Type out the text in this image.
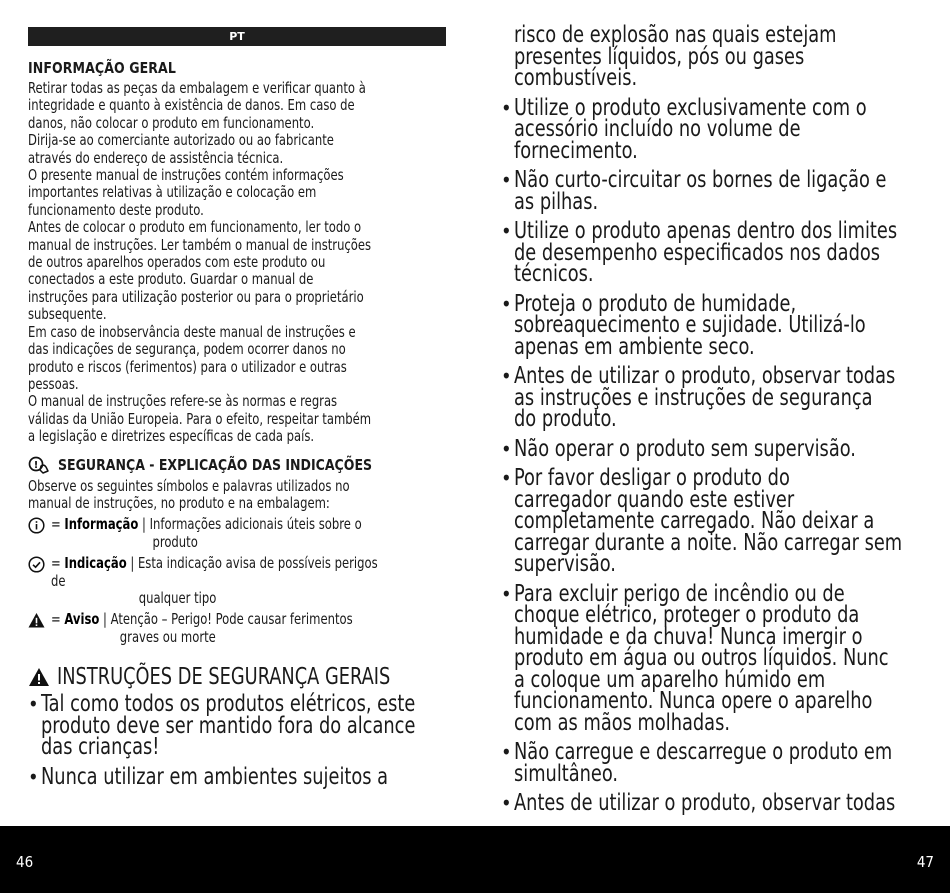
PT
INFORMAÇÃO GERAL
Retirar todas as peças da embalagem e verificar quanto à
integridade e quanto à existência de danos. Em caso de
danos, não colocar o produto em funcionamento.
Dirija-se ao comerciante autorizado ou ao fabricante
através do endereço de assistência técnica.
O presente manual de instruções contém informações
importantes relativas à utilização e colocação em
funcionamento deste produto.
Antes de colocar o produto em funcionamento, ler todo o
manual de instruções. Ler também o manual de instruções
de outros aparelhos operados com este produto ou
conectados a este produto. Guardar o manual de
instruções para utilização posterior ou para o proprietário
subsequente.
Em caso de inobservância deste manual de instruções e
das indicações de segurança, podem ocorrer danos no
produto e riscos (ferimentos) para o utilizador e outras
pessoas.
O manual de instruções refere-se às normas e regras
válidas da União Europeia. Para o efeito, respeitar também
a legislação e diretrizes específicas de cada país.
! SEGURANÇA - EXPLICAÇÃO DAS INDICAÇÕES
Observe os seguintes símbolos e palavras utilizados no
manual de instruções, no produto e na embalagem:
= Informação | Informações adicionais úteis sobre o
produto
= Indicação | Esta indicação avisa de possíveis perigos de
qualquer tipo
= Aviso | Atenção – Perigo! Pode causar ferimentos
graves ou morte
INSTRUÇÕES DE SEGURANÇA GERAIS
• Tal como todos os produtos elétricos, este
produto deve ser mantido fora do alcance
das crianças!
• Nunca utilizar em ambientes sujeitos a
risco de explosão nas quais estejam
presentes líquidos, pós ou gases
combustíveis.
• Utilize o produto exclusivamente com o
acessório incluído no volume de
fornecimento.
• Não curto-circuitar os bornes de ligação e
as pilhas.
• Utilize o produto apenas dentro dos limites
de desempenho especificados nos dados
técnicos.
• Proteja o produto de humidade,
sobreaquecimento e sujidade. Utilizá-lo
apenas em ambiente seco.
• Antes de utilizar o produto, observar todas
as instruções e instruções de segurança
do produto.
• Não operar o produto sem supervisão.
• Por favor desligar o produto do
carregador quando este estiver
completamente carregado. Não deixar a
carregar durante a noite. Não carregar sem
supervisão.
• Para excluir perigo de incêndio ou de
choque elétrico, proteger o produto da
humidade e da chuva! Nunca imergir o
produto em água ou outros líquidos. Nunc
a coloque um aparelho húmido em
funcionamento. Nunca opere o aparelho
com as mãos molhadas.
• Não carregue e descarregue o produto em
simultâneo.
• Antes de utilizar o produto, observar todas
46	47
